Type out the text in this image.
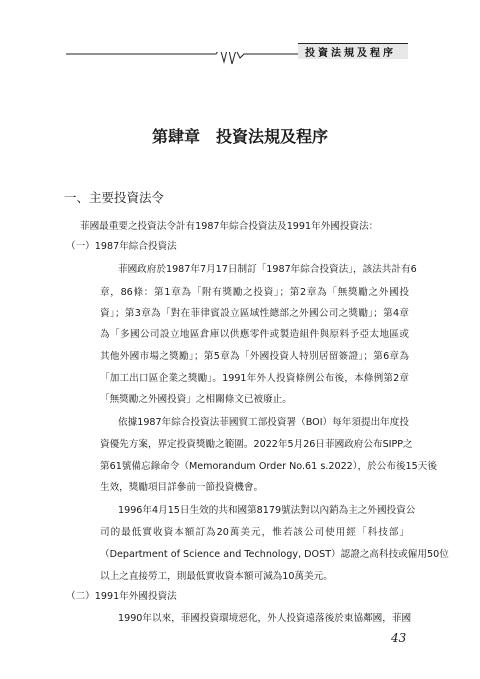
投資法規及程序
第肆章　投資法規及程序
一、主要投資法令
菲國最重要之投資法令計有1987年綜合投資法及1991年外國投資法：
（一）1987年綜合投資法
菲國政府於1987年7月17日制訂「1987年綜合投資法」，該法共計有6
章，86條：第1章為「附有獎勵之投資」；第2章為「無獎勵之外國投
資」；第3章為「對在菲律賓設立區域性總部之外國公司之獎勵」；第4章
為「多國公司設立地區倉庫以供應零件或製造組件與原料予亞太地區或
其他外國市場之獎勵」；第5章為「外國投資人特別居留簽證」；第6章為
「加工出口區企業之獎勵」。1991年外人投資條例公布後，本條例第2章
「無獎勵之外國投資」之相關條文已被廢止。
依據1987年綜合投資法菲國貿工部投資署（BOI）每年須提出年度投
資優先方案，界定投資獎勵之範圍。2022年5月26日菲國政府公布SIPP之
第61號備忘錄命令（Memorandum Order No.61 s.2022），於公布後15天後
生效，獎勵項目詳參前一節投資機會。
1996年4月15日生效的共和國第8179號法對以內銷為主之外國投資公
司的最低實收資本額訂為20萬美元，惟若該公司使用經「科技部」
（Department of Science and Technology, DOST）認證之高科技或僱用50位
以上之直接勞工，則最低實收資本額可減為10萬美元。
（二）1991年外國投資法
1990年以來，菲國投資環境惡化，外人投資遠落後於東協鄰國，菲國
43
